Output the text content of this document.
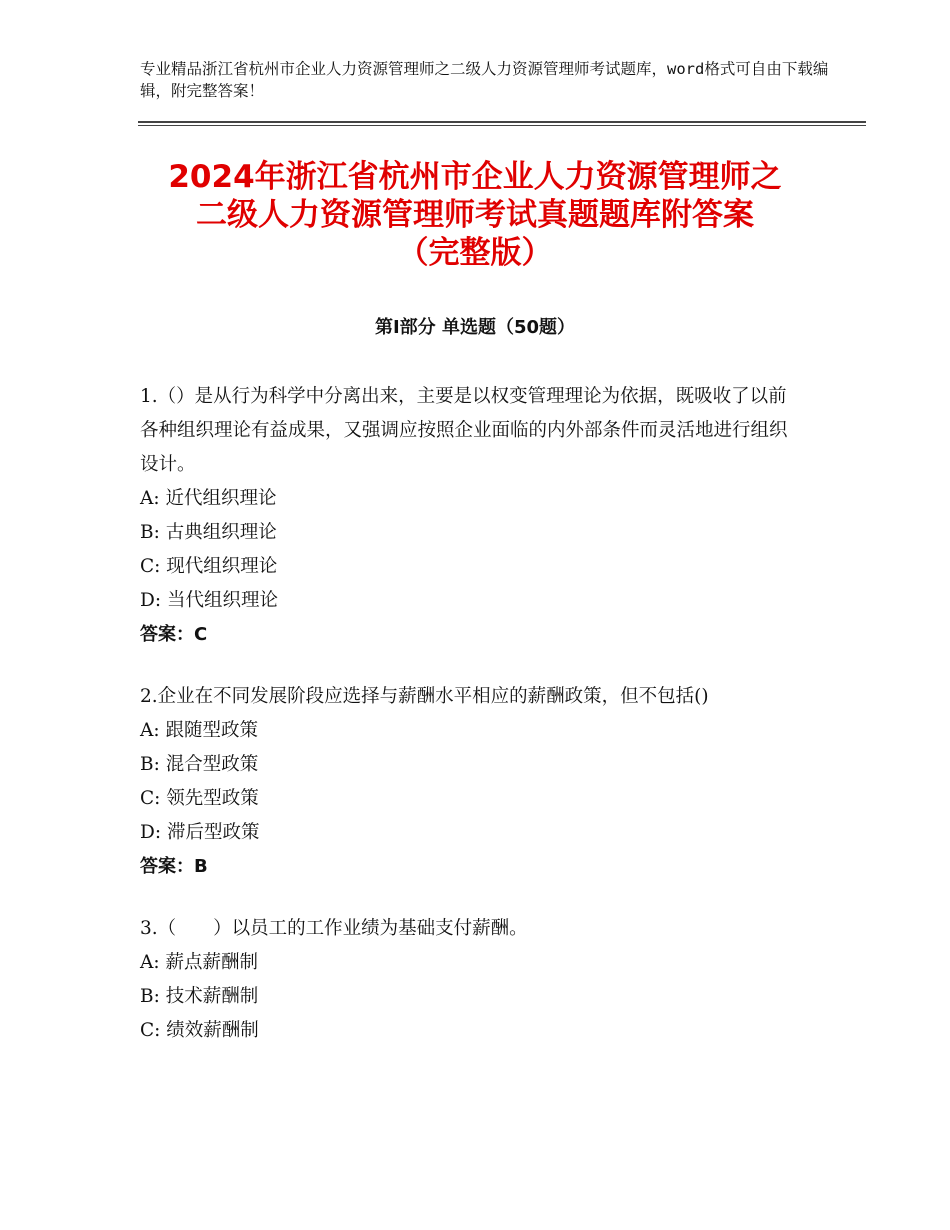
专业精品浙江省杭州市企业人力资源管理师之二级人力资源管理师考试题库，word格式可自由下载编辑，附完整答案！
2024年浙江省杭州市企业人力资源管理师之
二级人力资源管理师考试真题题库附答案
（完整版）
第Ⅰ部分 单选题（50题）

1.（）是从行为科学中分离出来，主要是以权变管理理论为依据，既吸收了以前各种组织理论有益成果，又强调应按照企业面临的内外部条件而灵活地进行组织设计。

A: 近代组织理论

B: 古典组织理论

C: 现代组织理论

D: 当代组织理论

答案：C

2.企业在不同发展阶段应选择与薪酬水平相应的薪酬政策，但不包括()

A: 跟随型政策

B: 混合型政策

C: 领先型政策

D: 滞后型政策

答案：B

3.（　　）以员工的工作业绩为基础支付薪酬。

A: 薪点薪酬制

B: 技术薪酬制

C: 绩效薪酬制
